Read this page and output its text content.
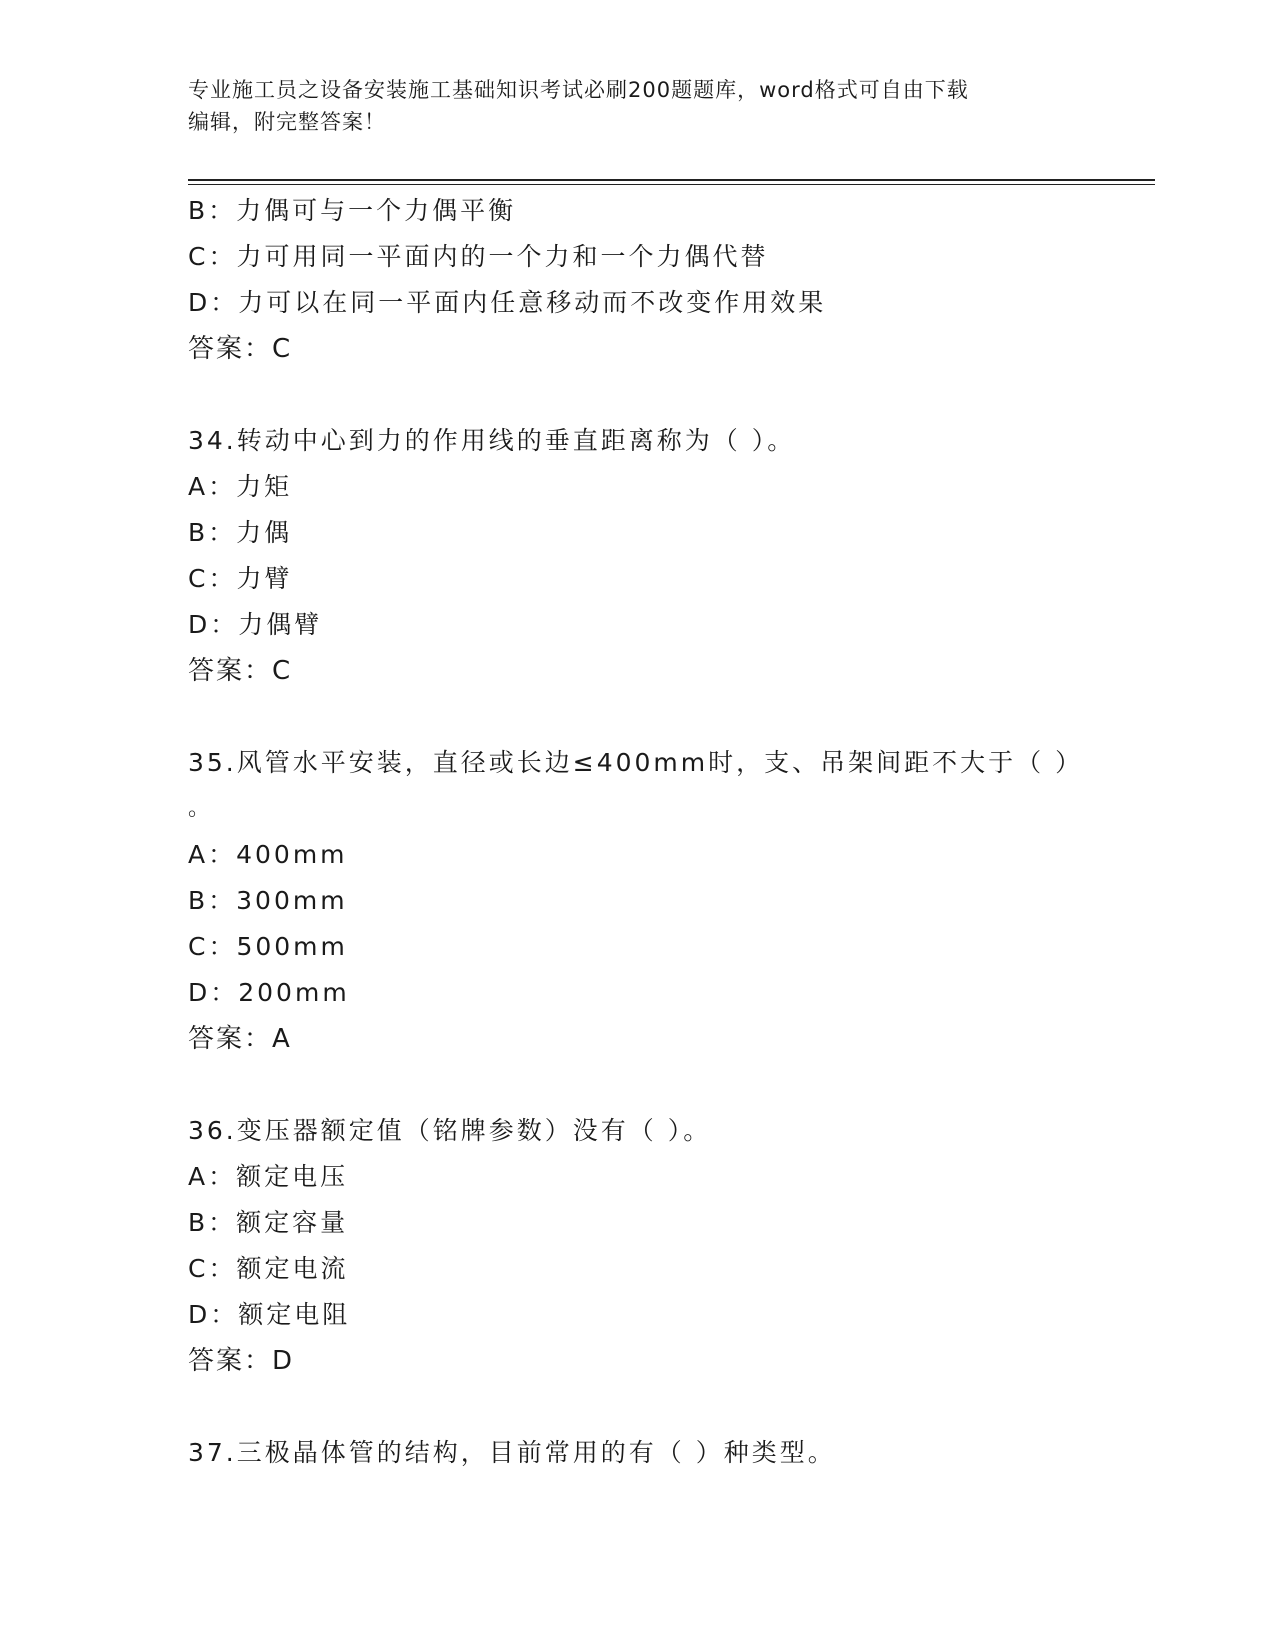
专业施工员之设备安装施工基础知识考试必刷200题题库，word格式可自由下载
编辑，附完整答案！
B：力偶可与一个力偶平衡
C：力可用同一平面内的一个力和一个力偶代替
D：力可以在同一平面内任意移动而不改变作用效果
答案：C
34.转动中心到力的作用线的垂直距离称为（ ）。
A：力矩
B：力偶
C：力臂
D：力偶臂
答案：C
35.风管水平安装，直径或长边≤400mm时，支、吊架间距不大于（ ）
。
A：400mm
B：300mm
C：500mm
D：200mm
答案：A
36.变压器额定值（铭牌参数）没有（ ）。
A：额定电压
B：额定容量
C：额定电流
D：额定电阻
答案：D
37.三极晶体管的结构，目前常用的有（ ）种类型。
